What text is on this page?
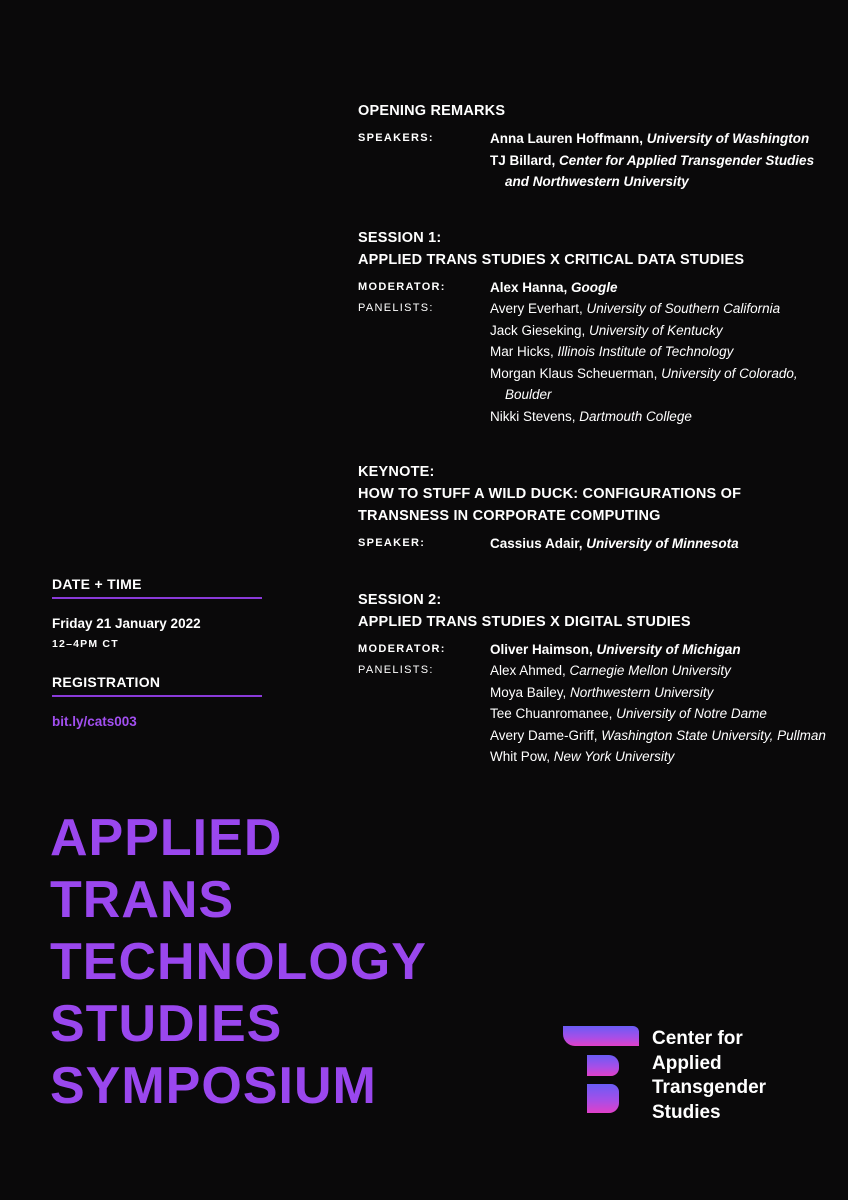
OPENING REMARKS
SPEAKERS:	Anna Lauren Hoffmann, University of Washington
TJ Billard, Center for Applied Transgender Studies and Northwestern University
SESSION 1:
APPLIED TRANS STUDIES X CRITICAL DATA STUDIES
MODERATOR:	Alex Hanna, Google
PANELISTS:	Avery Everhart, University of Southern California
Jack Gieseking, University of Kentucky
Mar Hicks, Illinois Institute of Technology
Morgan Klaus Scheuerman, University of Colorado, Boulder
Nikki Stevens, Dartmouth College
KEYNOTE:
HOW TO STUFF A WILD DUCK: CONFIGURATIONS OF
TRANSNESS IN CORPORATE COMPUTING
SPEAKER:	Cassius Adair, University of Minnesota
SESSION 2:
APPLIED TRANS STUDIES X DIGITAL STUDIES
MODERATOR:	Oliver Haimson, University of Michigan
PANELISTS:	Alex Ahmed, Carnegie Mellon University
Moya Bailey, Northwestern University
Tee Chuanromanee, University of Notre Dame
Avery Dame-Griff, Washington State University, Pullman
Whit Pow, New York University
DATE + TIME
Friday 21 January 2022
12–4PM CT
REGISTRATION
bit.ly/cats003
APPLIED
TRANS
TECHNOLOGY
STUDIES
SYMPOSIUM
Center for
Applied
Transgender
Studies
